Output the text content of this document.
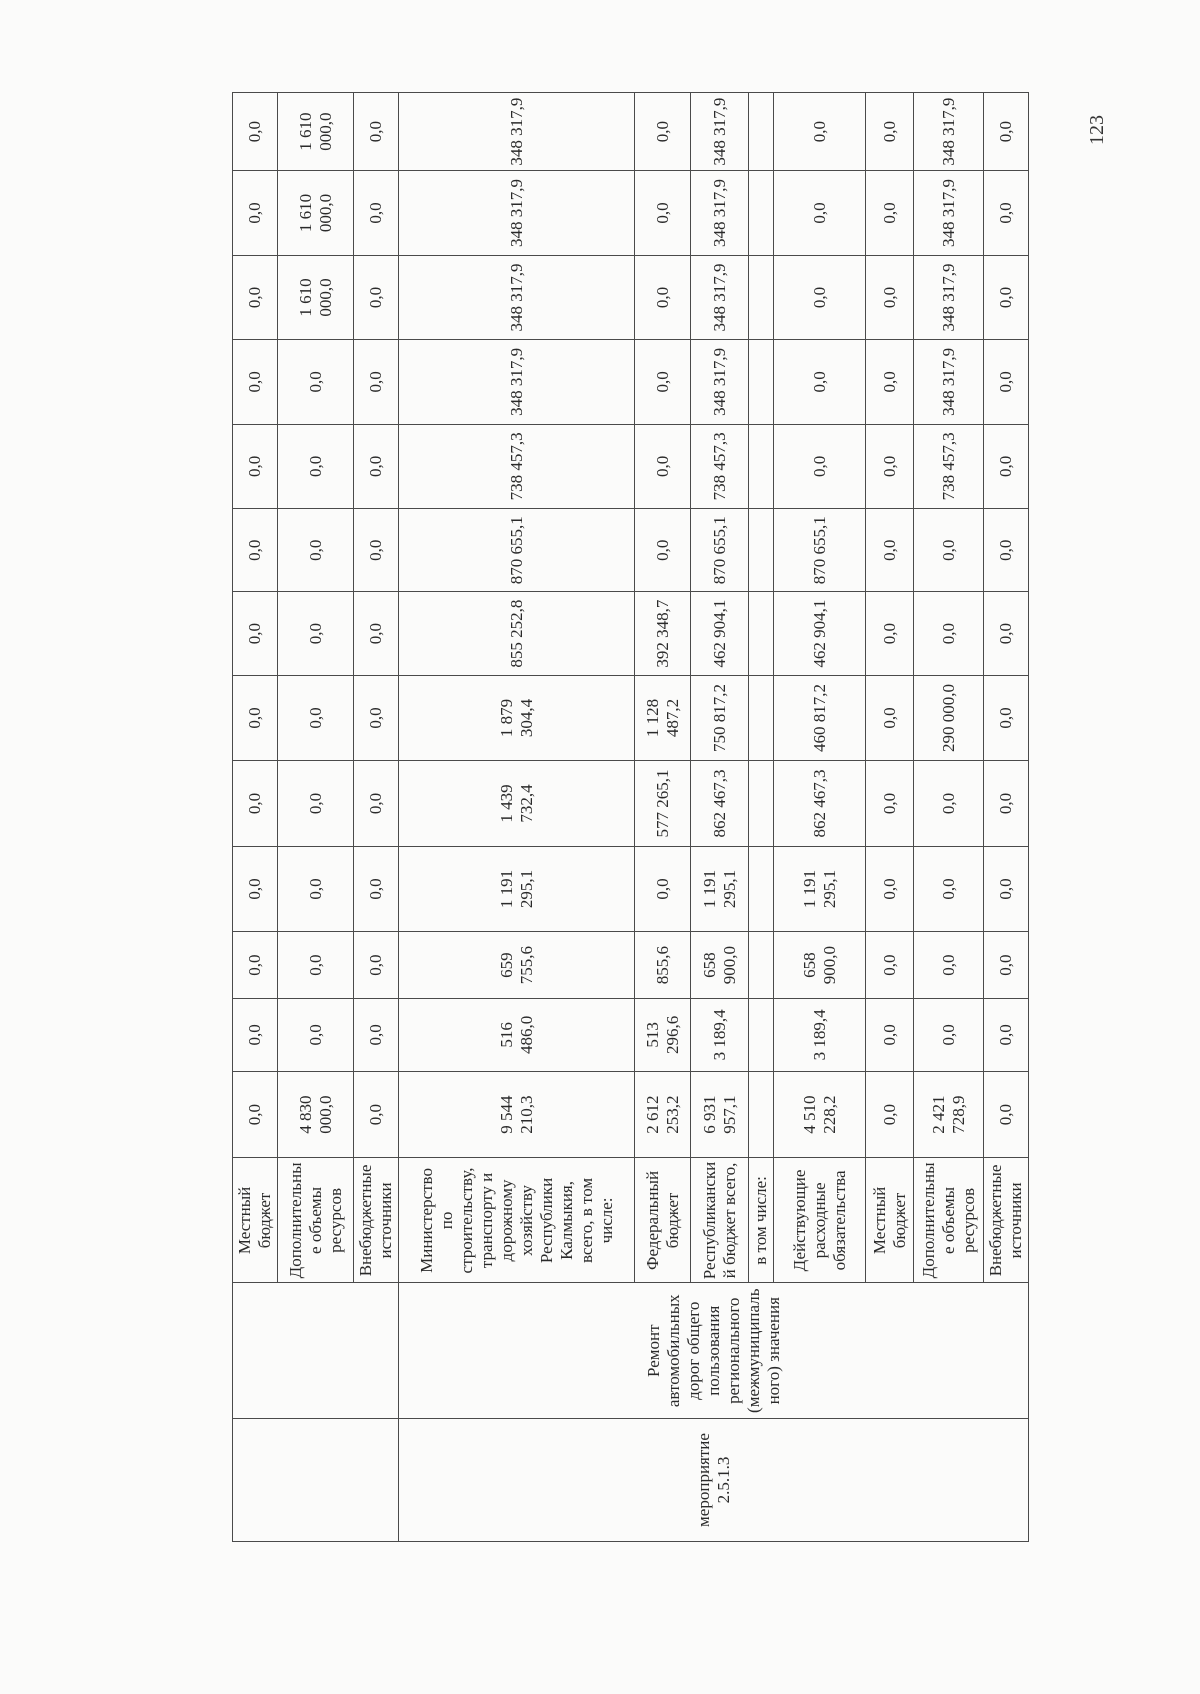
		Местный бюджет	0,0	0,0	0,0	0,0	0,0	0,0	0,0	0,0	0,0	0,0	0,0	0,0	0,0
		Дополнительные объемы ресурсов	4 830 000,0	0,0	0,0	0,0	0,0	0,0	0,0	0,0	0,0	0,0	1 610 000,0	1 610 000,0	1 610 000,0
		Внебюджетные источники	0,0	0,0	0,0	0,0	0,0	0,0	0,0	0,0	0,0	0,0	0,0	0,0	0,0
мероприятие 2.5.1.3	Ремонт автомобильных дорог общего пользования регионального (межмуниципального) значения	Министерство по строительству, транспорту и дорожному хозяйству Республики Калмыкия, всего, в том числе:	9 544 210,3	516 486,0	659 755,6	1 191 295,1	1 439 732,4	1 879 304,4	855 252,8	870 655,1	738 457,3	348 317,9	348 317,9	348 317,9	348 317,9
		Федеральный бюджет	2 612 253,2	513 296,6	855,6	0,0	577 265,1	1 128 487,2	392 348,7	0,0	0,0	0,0	0,0	0,0	0,0
		Республиканский бюджет всего,	6 931 957,1	3 189,4	658 900,0	1 191 295,1	862 467,3	750 817,2	462 904,1	870 655,1	738 457,3	348 317,9	348 317,9	348 317,9	348 317,9
		в том числе:													
		Действующие расходные обязательства	4 510 228,2	3 189,4	658 900,0	1 191 295,1	862 467,3	460 817,2	462 904,1	870 655,1	0,0	0,0	0,0	0,0	0,0
		Местный бюджет	0,0	0,0	0,0	0,0	0,0	0,0	0,0	0,0	0,0	0,0	0,0	0,0	0,0
		Дополнительные объемы ресурсов	2 421 728,9	0,0	0,0	0,0	0,0	290 000,0	0,0	0,0	738 457,3	348 317,9	348 317,9	348 317,9	348 317,9
		Внебюджетные источники	0,0	0,0	0,0	0,0	0,0	0,0	0,0	0,0	0,0	0,0	0,0	0,0	0,0	123
